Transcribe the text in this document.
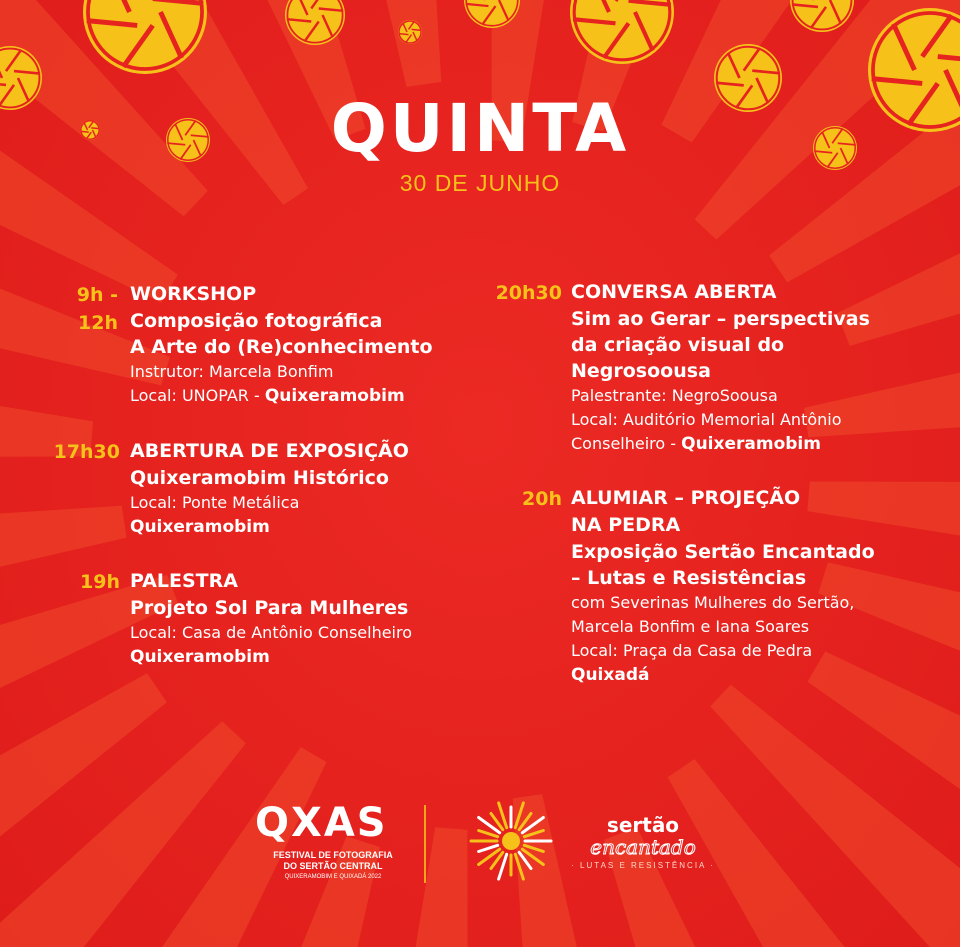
QUINTA
30 DE JUNHO
9h -
12h
WORKSHOP
Composição fotográfica
A Arte do (Re)conhecimento
Instrutor: Marcela Bonfim
Local: UNOPAR - Quixeramobim
17h30 ABERTURA DE EXPOSIÇÃO
Quixeramobim Histórico
Local: Ponte Metálica
Quixeramobim
19h PALESTRA
Projeto Sol Para Mulheres
Local: Casa de Antônio Conselheiro
Quixeramobim
20h30 CONVERSA ABERTA
Sim ao Gerar – perspectivas
da criação visual do
Negrosoousa
Palestrante: NegroSoousa
Local: Auditório Memorial Antônio
Conselheiro - Quixeramobim
20h ALUMIAR – PROJEÇÃO
NA PEDRA
Exposição Sertão Encantado
– Lutas e Resistências
com Severinas Mulheres do Sertão,
Marcela Bonfim e Iana Soares
Local: Praça da Casa de Pedra
Quixadá
QXAS
FESTIVAL DE FOTOGRAFIA
DO SERTÃO CENTRAL
QUIXERAMOBIM E QUIXADÁ 2022
sertão
encantado
· LUTAS E RESISTÊNCIA ·
